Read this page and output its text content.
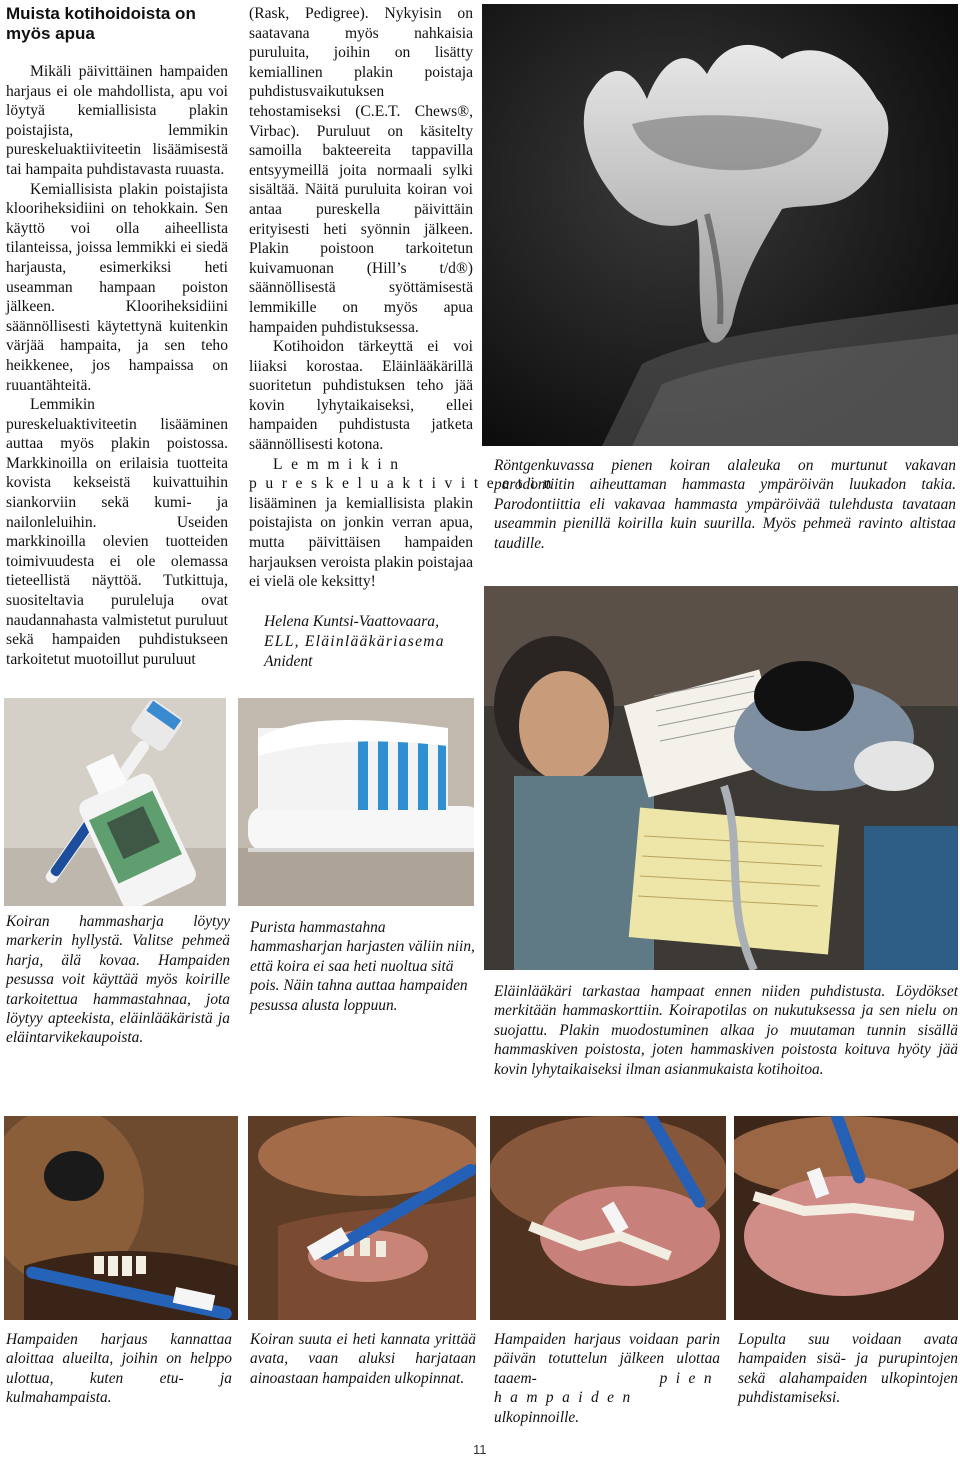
Muista kotihoidoista on myös apua

Mikäli päivittäinen hampaiden harjaus ei ole mahdollista, apu voi löytyä kemiallisista plakin poistajista, lemmikin pureskeluaktiiviteetin lisäämisestä tai hampaita puhdistavasta ruuasta.

Kemiallisista plakin poistajista klooriheksidiini on tehokkain. Sen käyttö voi olla aiheellista tilanteissa, joissa lemmikki ei siedä harjausta, esimerkiksi heti useamman hampaan poiston jälkeen. Klooriheksidiini säännöllisesti käytettynä kuitenkin värjää hampaita, ja sen teho heikkenee, jos hampaissa on ruuantähteitä.

Lemmikin pureskeluaktiviteetin lisääminen auttaa myös plakin poistossa. Markkinoilla on erilaisia tuotteita kovista kekseistä kuivattuihin siankorviin sekä kumi- ja nailonleluihin. Useiden markkinoilla olevien tuotteiden toimivuudesta ei ole olemassa tieteellistä näyttöä. Tutkittuja, suositeltavia puruleluja ovat naudannahasta valmistetut puruluut sekä hampaiden puhdistukseen tarkoitetut muotoillut puruluut

(Rask, Pedigree). Nykyisin on saatavana myös nahkaisia puruluita, joihin on lisätty kemiallinen plakin poistaja puhdistusvaikutuksen tehostamiseksi (C.E.T. Chews®, Virbac). Puruluut on käsitelty samoilla bakteereita tappavilla entsyymeillä joita normaali sylki sisältää. Näitä puruluita koiran voi antaa pureskella päivittäin erityisesti heti syönnin jälkeen. Plakin poistoon tarkoitetun kuivamuonan (Hill’s t/d®) säännöllisestä syöttämisestä lemmikille on myös apua hampaiden puhdistuksessa.

Kotihoidon tärkeyttä ei voi liiaksi korostaa. Eläinlääkärillä suoritetun puhdistuksen teho jää kovin lyhytaikaiseksi, ellei hampaiden puhdistusta jatketa säännöllisesti kotona.

Lemmikin pureskeluaktiviteetin lisääminen ja kemiallisista plakin poistajista on jonkin verran apua, mutta päivittäisen hampaiden harjauksen veroista plakin poistajaa ei vielä ole keksitty!

Helena Kuntsi-Vaattovaara,
ELL, Eläinlääkäriasema
Anident
Röntgenkuvassa pienen koiran alaleuka on murtunut vakavan parodontiitin aiheuttaman hammasta ympäröivän luukadon takia. Parodontiittia eli vakavaa hammasta ympäröivää tulehdusta tavataan useammin pienillä koirilla kuin suurilla. Myös pehmeä ravinto altistaa taudille.
Koiran hammasharja löytyy markerin hyllystä. Valitse pehmeä harja, älä kovaa. Hampaiden pesussa voit käyttää myös koirille tarkoitettua hammastahnaa, jota löytyy apteekista, eläinlääkäristä ja eläintarvikekaupoista.
Purista hammastahna hammasharjan harjasten väliin niin, että koira ei saa heti nuoltua sitä pois. Näin tahna auttaa hampaiden pesussa alusta loppuun.
Eläinlääkäri tarkastaa hampaat ennen niiden puhdistusta. Löydökset merkitään hammaskorttiin. Koirapotilas on nukutuksessa ja sen nielu on suojattu. Plakin muodostuminen alkaa jo muutaman tunnin sisällä hammaskiven poistosta, joten hammaskiven poistosta koituva hyöty jää kovin lyhytaikaiseksi ilman asianmukaista kotihoitoa.
Hampaiden harjaus kannattaa aloittaa alueilta, joihin on helppo ulottua, kuten etu- ja kulmahampaista.
Koiran suuta ei heti kannata yrittää avata, vaan aluksi harjataan ainoastaan hampaiden ulkopinnat.
Hampaiden harjaus voidaan parin päivän totuttelun jälkeen ulottaa taaem-	pien hampaiden ulkopinnoille.
Lopulta suu voidaan avata hampaiden sisä- ja purupintojen sekä alahampaiden ulkopintojen puhdistamiseksi.
11
